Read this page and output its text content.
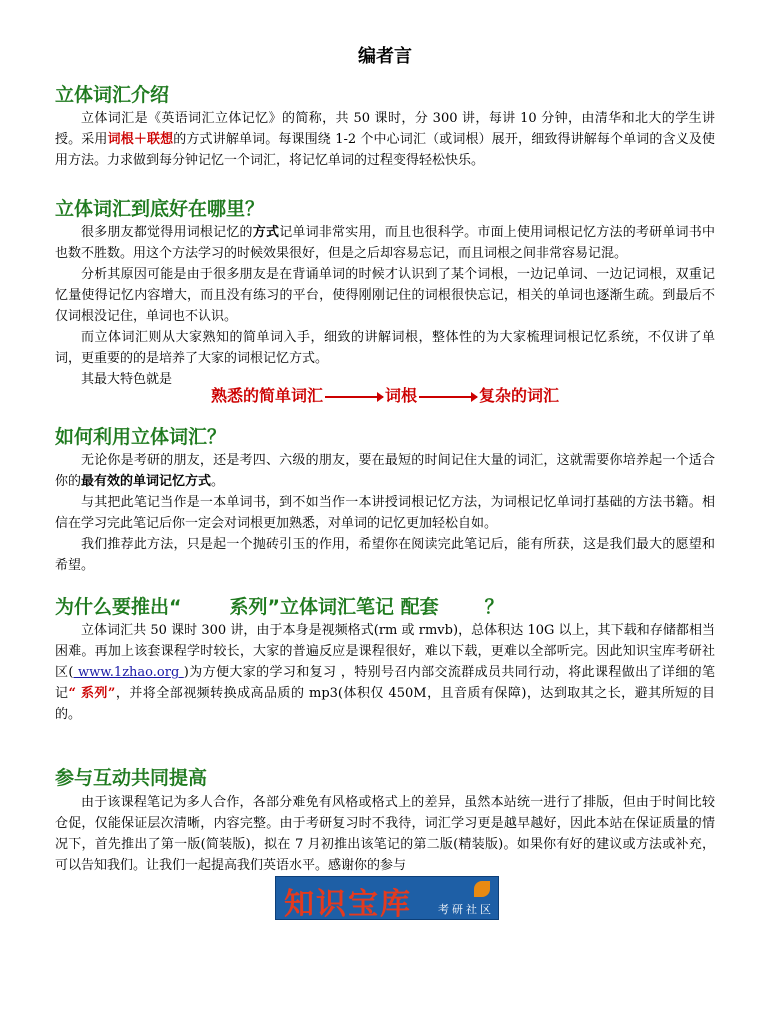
编者言
立体词汇介绍

立体词汇是《英语词汇立体记忆》的简称，共 50 课时，分 300 讲，每讲 10 分钟，由清华和北大的学生讲授。采用词根＋联想的方式讲解单词。每课围绕 1-2 个中心词汇（或词根）展开，细致得讲解每个单词的含义及使用方法。力求做到每分钟记忆一个词汇，将记忆单词的过程变得轻松快乐。

立体词汇到底好在哪里？

很多朋友都觉得用词根记忆的方式记单词非常实用，而且也很科学。市面上使用词根记忆方法的考研单词书中也数不胜数。用这个方法学习的时候效果很好，但是之后却容易忘记，而且词根之间非常容易记混。

分析其原因可能是由于很多朋友是在背诵单词的时候才认识到了某个词根，一边记单词、一边记词根，双重记忆量使得记忆内容增大，而且没有练习的平台，使得刚刚记住的词根很快忘记，相关的单词也逐渐生疏。到最后不仅词根没记住，单词也不认识。

而立体词汇则从大家熟知的简单词入手，细致的讲解词根，整体性的为大家梳理词根记忆系统，不仅讲了单词，更重要的的是培养了大家的词根记忆方式。

其最大特色就是

熟悉的简单词汇	词根	复杂的词汇
如何利用立体词汇？

无论你是考研的朋友，还是考四、六级的朋友，要在最短的时间记住大量的词汇，这就需要你培养起一个适合你的最有效的单词记忆方式。

与其把此笔记当作是一本单词书，到不如当作一本讲授词根记忆方法，为词根记忆单词打基础的方法书籍。相信在学习完此笔记后你一定会对词根更加熟悉，对单词的记忆更加轻松自如。

我们推荐此方法，只是起一个抛砖引玉的作用，希望你在阅读完此笔记后，能有所获，这是我们最大的愿望和希望。

为什么要推出“	系列”立体词汇笔记 配套 ？

立体词汇共 50 课时 300 讲，由于本身是视频格式(rm 或 rmvb)，总体积达 10G 以上，其下载和存储都相当困难。再加上该套课程学时较长，大家的普遍反应是课程很好，难以下载，更难以全部听完。因此知识宝库考研社区( www.1zhao.org )为方便大家的学习和复习 ，特别号召内部交流群成员共同行动，将此课程做出了详细的笔记“ 系列”，并将全部视频转换成高品质的 mp3(体积仅 450M，且音质有保障)，达到取其之长，避其所短的目的。

参与互动共同提高

由于该课程笔记为多人合作，各部分难免有风格或格式上的差异，虽然本站统一进行了排版，但由于时间比较仓促，仅能保证层次清晰，内容完整。由于考研复习时不我待，词汇学习更是越早越好，因此本站在保证质量的情况下，首先推出了第一版(简装版)，拟在 7 月初推出该笔记的第二版(精装版)。如果你有好的建议或方法或补充，可以告知我们。让我们一起提高我们英语水平。感谢你的参与

知识宝库 考研社区
